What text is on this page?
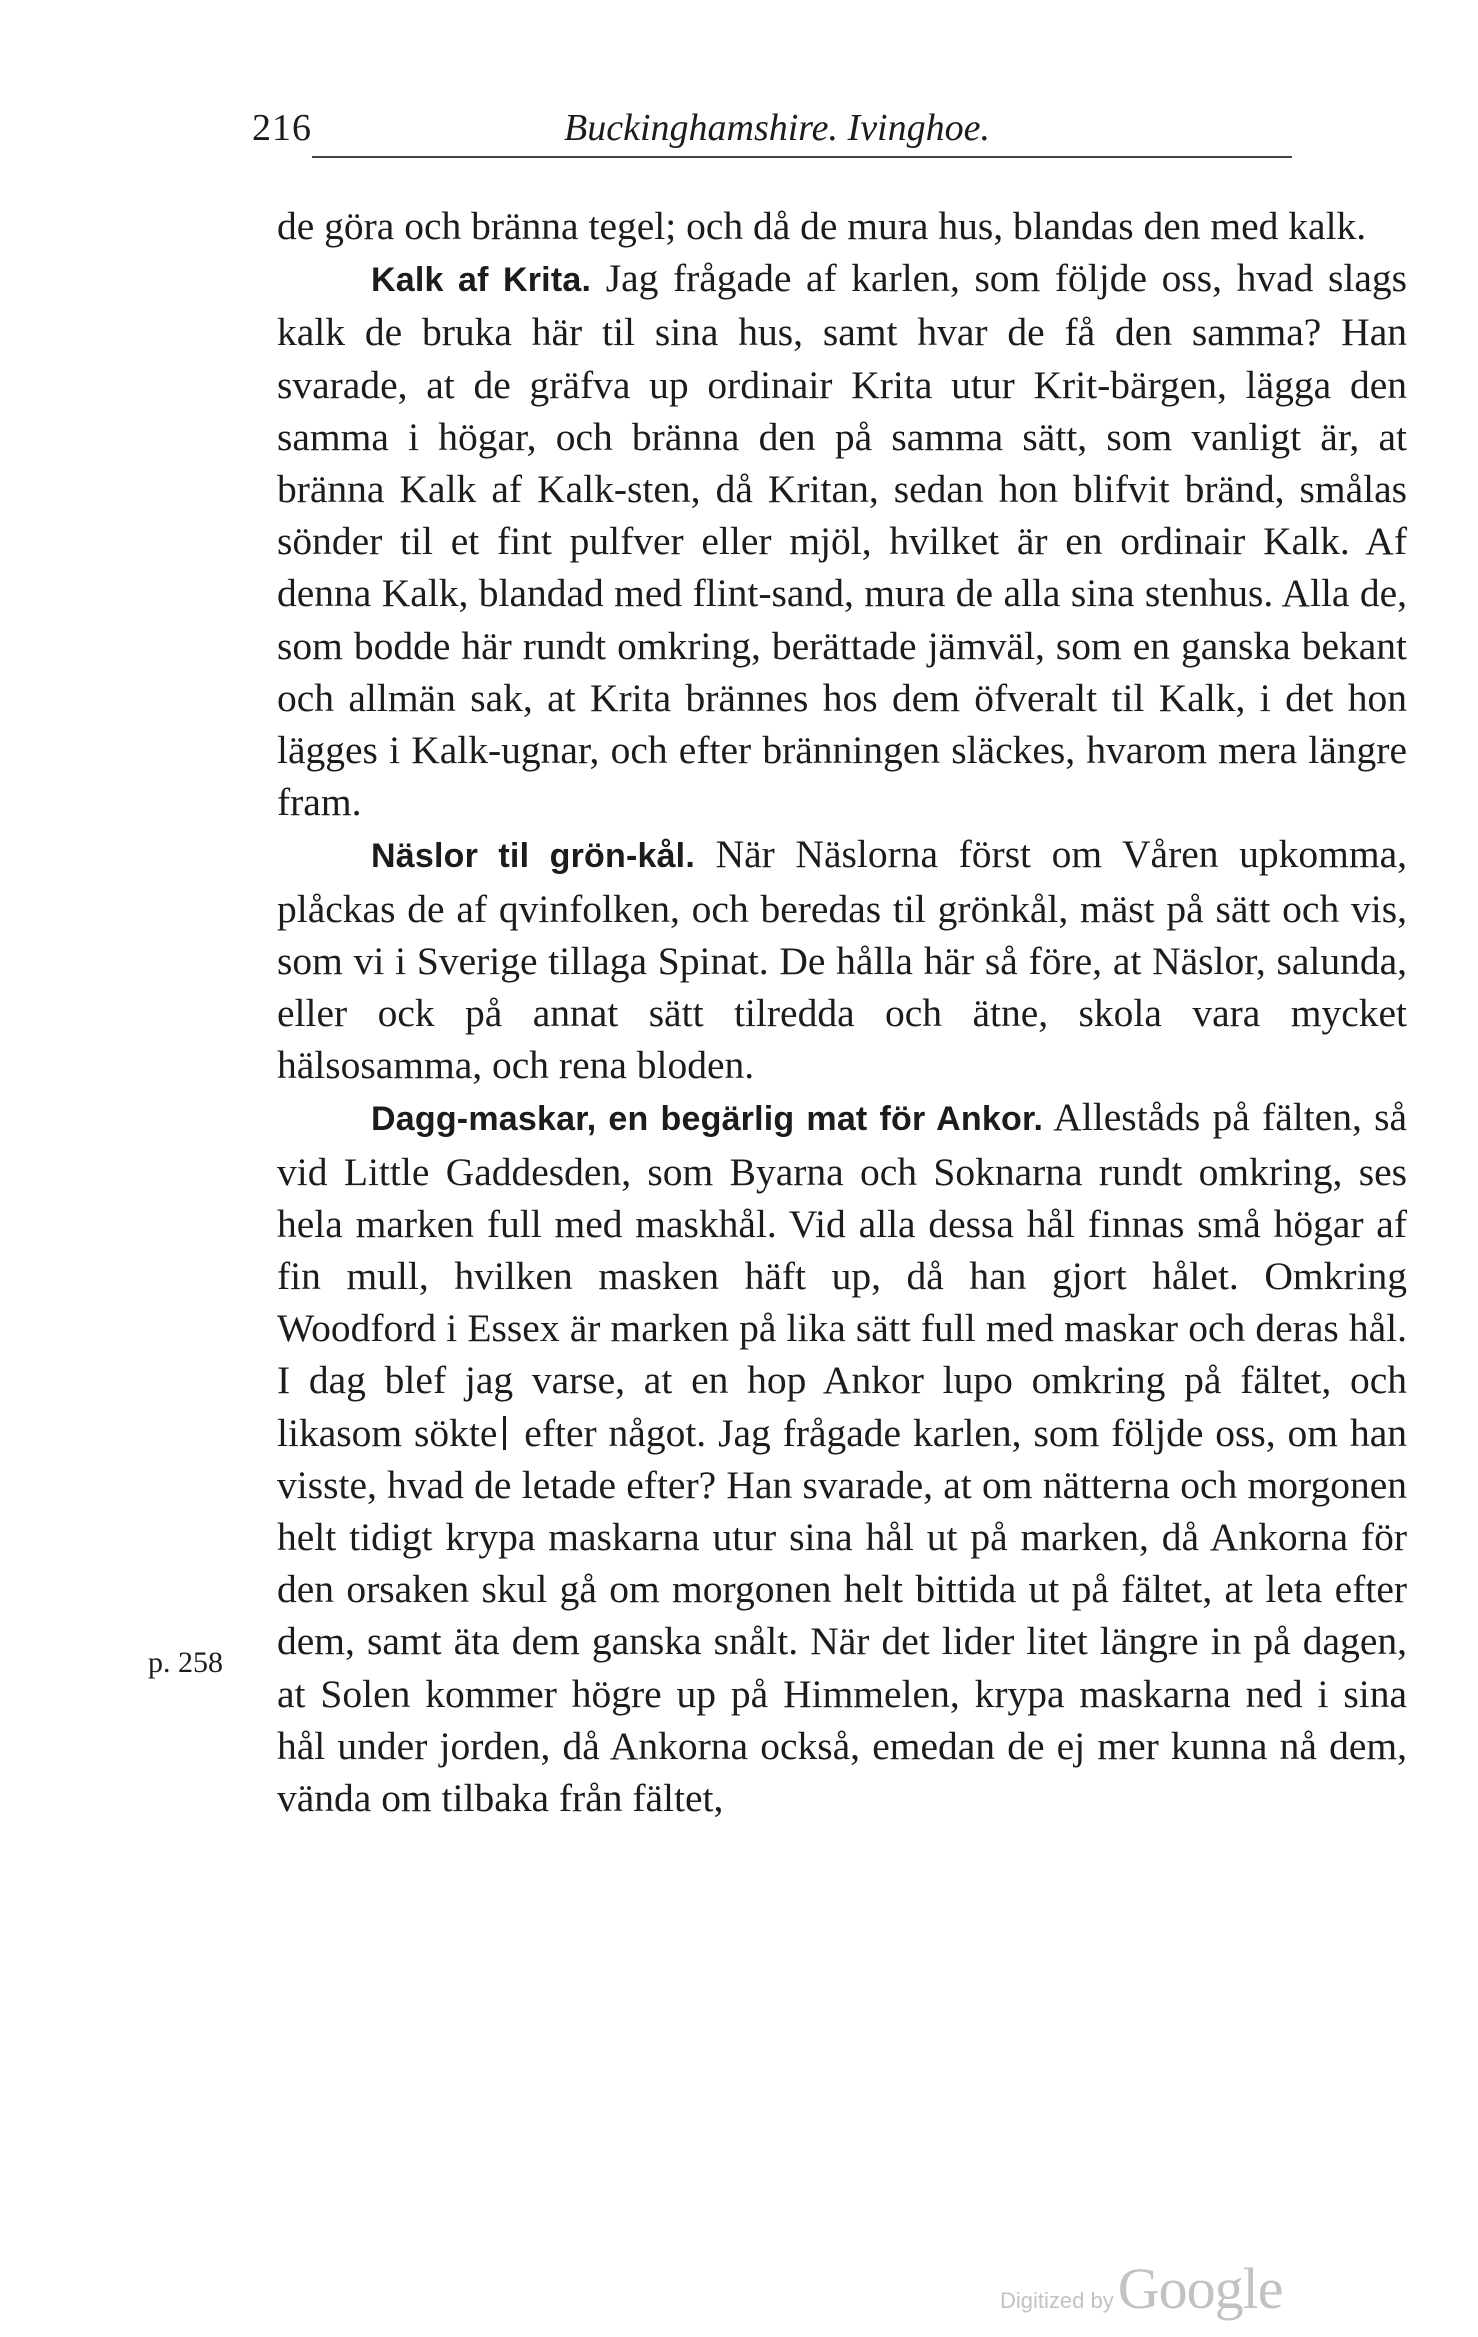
216	Buckinghamshire. Ivinghoe.
p. 258

de göra och bränna tegel; och då de mura hus, blandas den med kalk.

Kalk af Krita. Jag frågade af karlen, som följde oss, hvad slags kalk de bruka här til sina hus, samt hvar de få den samma? Han svarade, at de gräfva up ordinair Krita utur Krit-bärgen, lägga den samma i högar, och bränna den på samma sätt, som vanligt är, at bränna Kalk af Kalk-sten, då Kritan, sedan hon blifvit bränd, smålas sönder til et fint pulfver eller mjöl, hvilket är en ordinair Kalk. Af denna Kalk, blandad med flint-sand, mura de alla sina stenhus. Alla de, som bodde här rundt omkring, berättade jämväl, som en ganska bekant och allmän sak, at Krita brännes hos dem öfveralt til Kalk, i det hon lägges i Kalk-ugnar, och efter bränningen släckes, hvarom mera längre fram.

Näslor til grön-kål. När Näslorna först om Våren upkomma, plåckas de af qvinfolken, och beredas til grönkål, mäst på sätt och vis, som vi i Sverige tillaga Spinat. De hålla här så före, at Näslor, salunda, eller ock på annat sätt tilredda och ätne, skola vara mycket hälsosamma, och rena bloden.

Dagg-maskar, en begärlig mat för Ankor. Alleståds på fälten, så vid Little Gaddesden, som Byarna och Soknarna rundt omkring, ses hela marken full med maskhål. Vid alla dessa hål finnas små högar af fin mull, hvilken masken häft up, då han gjort hålet. Omkring Woodford i Essex är marken på lika sätt full med maskar och deras hål. I dag blef jag varse, at en hop Ankor lupo omkring på fältet, och likasom sökte efter något. Jag frågade karlen, som följde oss, om han visste, hvad de letade efter? Han svarade, at om nätterna och morgonen helt tidigt krypa maskarna utur sina hål ut på marken, då Ankorna för den orsaken skul gå om morgonen helt bittida ut på fältet, at leta efter dem, samt äta dem ganska snålt. När det lider litet längre in på dagen, at Solen kommer högre up på Himmelen, krypa maskarna ned i sina hål under jorden, då Ankorna också, emedan de ej mer kunna nå dem, vända om tilbaka från fältet,

Digitized by Google
